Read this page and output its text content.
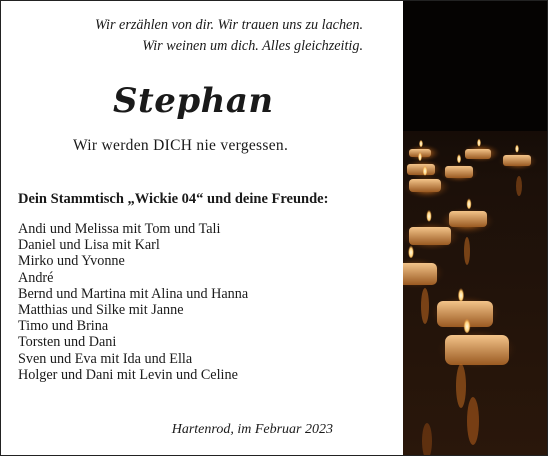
Wir erzählen von dir. Wir trauen uns zu lachen.
Wir weinen um dich. Alles gleichzeitig.
Stephan
Wir werden DICH nie vergessen.
Dein Stammtisch „Wickie 04“ und deine Freunde:
Andi und Melissa mit Tom und Tali
Daniel und Lisa mit Karl
Mirko und Yvonne
André
Bernd und Martina mit Alina und Hanna
Matthias und Silke mit Janne
Timo und Brina
Torsten und Dani
Sven und Eva mit Ida und Ella
Holger und Dani mit Levin und Celine
Hartenrod, im Februar 2023
